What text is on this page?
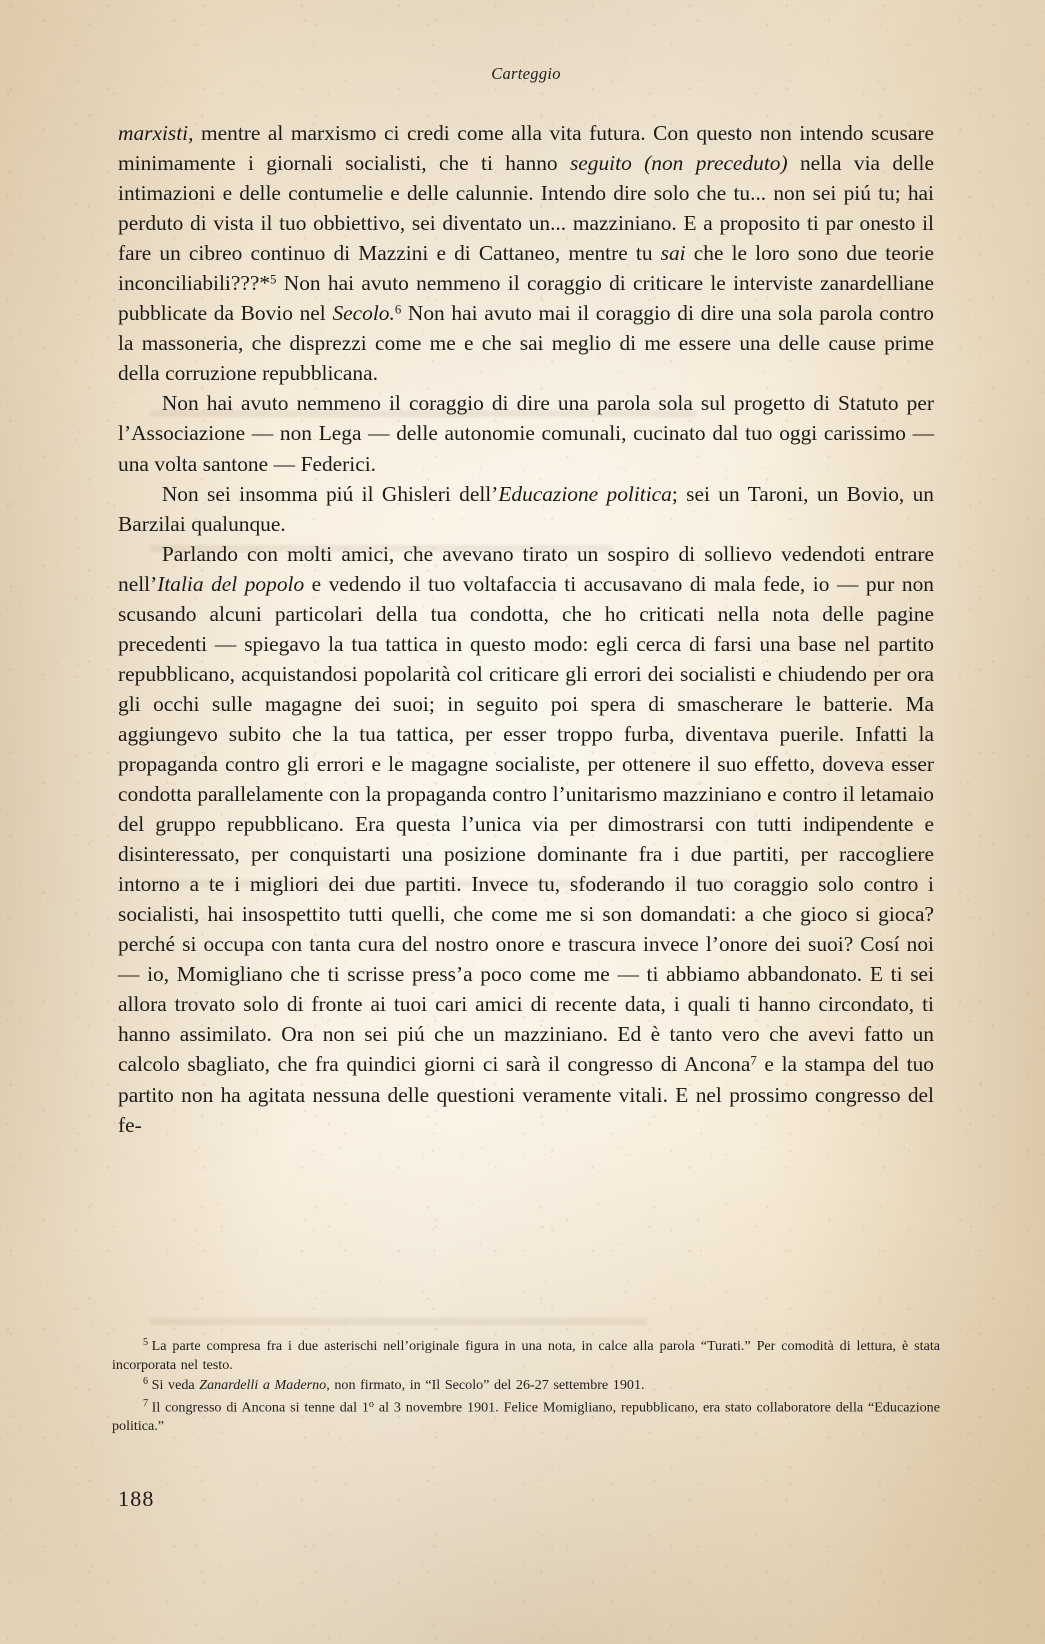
Carteggio

marxisti, mentre al marxismo ci credi come alla vita futura. Con questo non intendo scusare minimamente i giornali socialisti, che ti hanno seguito (non preceduto) nella via delle intimazioni e delle contumelie e delle calunnie. Intendo dire solo che tu... non sei piú tu; hai perduto di vista il tuo obbiettivo, sei diventato un... mazziniano. E a proposito ti par onesto il fare un cibreo continuo di Mazzini e di Cattaneo, mentre tu sai che le loro sono due teorie inconciliabili???*$^5$ Non hai avuto nemmeno il coraggio di criticare le interviste zanardelliane pubblicate da Bovio nel Secolo.$^6$ Non hai avuto mai il coraggio di dire una sola parola contro la massoneria, che disprezzi come me e che sai meglio di me essere una delle cause prime della corruzione repubblicana.

Non hai avuto nemmeno il coraggio di dire una parola sola sul progetto di Statuto per l’Associazione — non Lega — delle autonomie comunali, cucinato dal tuo oggi carissimo — una volta santone — Federici.

Non sei insomma piú il Ghisleri dell’Educazione politica; sei un Taroni, un Bovio, un Barzilai qualunque.

Parlando con molti amici, che avevano tirato un sospiro di sollievo vedendoti entrare nell’Italia del popolo e vedendo il tuo voltafaccia ti accusavano di mala fede, io — pur non scusando alcuni particolari della tua condotta, che ho criticati nella nota delle pagine precedenti — spiegavo la tua tattica in questo modo: egli cerca di farsi una base nel partito repubblicano, acquistandosi popolarità col criticare gli errori dei socialisti e chiudendo per ora gli occhi sulle magagne dei suoi; in seguito poi spera di smascherare le batterie. Ma aggiungevo subito che la tua tattica, per esser troppo furba, diventava puerile. Infatti la propaganda contro gli errori e le magagne socialiste, per ottenere il suo effetto, doveva esser condotta parallelamente con la propaganda contro l’unitarismo mazziniano e contro il letamaio del gruppo repubblicano. Era questa l’unica via per dimostrarsi con tutti indipendente e disinteressato, per conquistarti una posizione dominante fra i due partiti, per raccogliere intorno a te i migliori dei due partiti. Invece tu, sfoderando il tuo coraggio solo contro i socialisti, hai insospettito tutti quelli, che come me si son domandati: a che gioco si gioca? perché si occupa con tanta cura del nostro onore e trascura invece l’onore dei suoi? Cosí noi — io, Momigliano che ti scrisse press’a poco come me — ti abbiamo abbandonato. E ti sei allora trovato solo di fronte ai tuoi cari amici di recente data, i quali ti hanno circondato, ti hanno assimilato. Ora non sei piú che un mazziniano. Ed è tanto vero che avevi fatto un calcolo sbagliato, che fra quindici giorni ci sarà il congresso di Ancona$^7$ e la stampa del tuo partito non ha agitata nessuna delle questioni veramente vitali. E nel prossimo congresso del fe-

$^5$ La parte compresa fra i due asterischi nell’originale figura in una nota, in calce alla parola “Turati.” Per comodità di lettura, è stata incorporata nel testo.

$^6$ Si veda Zanardelli a Maderno, non firmato, in “Il Secolo” del 26-27 settembre 1901.

$^7$ Il congresso di Ancona si tenne dal 1$^o$ al 3 novembre 1901. Felice Momigliano, repubblicano, era stato collaboratore della “Educazione politica.”

188
